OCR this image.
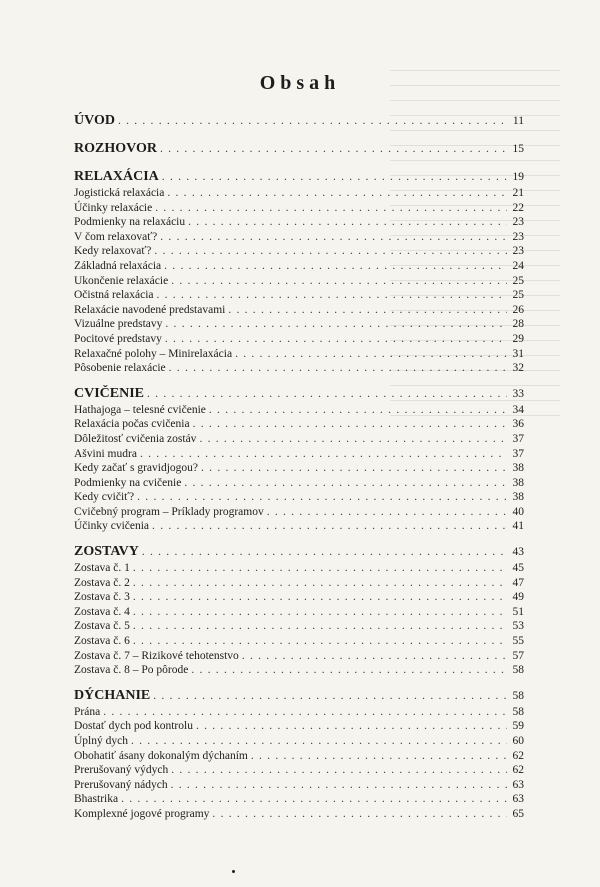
Obsah
ÚVOD . . .	11
ROZHOVOR . . .	15
RELAXÁCIA . . .	19
Jogistická relaxácia . . .	21
Účinky relaxácie . . .	22
Podmienky na relaxáciu . . .	23
V čom relaxovať? . . .	23
Kedy relaxovať? . . .	23
Základná relaxácia . . .	24
Ukončenie relaxácie . . .	25
Očistná relaxácia . . .	25
Relaxácie navodené predstavami . . .	26
Vizuálne predstavy . . .	28
Pocitové predstavy . . .	29
Relaxačné polohy – Minirelaxácia . . .	31
Pôsobenie relaxácie . . .	32
CVIČENIE . . .	33
Hathajoga – telesné cvičenie . . .	34
Relaxácia počas cvičenia . . .	36
Dôležitosť cvičenia zostáv . . .	37
Ašvini mudra . . .	37
Kedy začať s gravidjogou? . . .	38
Podmienky na cvičenie . . .	38
Kedy cvičiť? . . .	38
Cvičebný program – Príklady programov . . .	40
Účinky cvičenia . . .	41
ZOSTAVY . . .	43
Zostava č. 1 . . .	45
Zostava č. 2 . . .	47
Zostava č. 3 . . .	49
Zostava č. 4 . . .	51
Zostava č. 5 . . .	53
Zostava č. 6 . . .	55
Zostava č. 7 – Rizikové tehotenstvo . . .	57
Zostava č. 8 – Po pôrode . . .	58
DÝCHANIE . . .	58
Prána . . .	58
Dostať dych pod kontrolu . . .	59
Úplný dych . . .	60
Obohatiť ásany dokonalým dýchaním . . .	62
Prerušovaný výdych . . .	62
Prerušovaný nádych . . .	63
Bhastrika . . .	63
Komplexné jogové programy . . .	65
